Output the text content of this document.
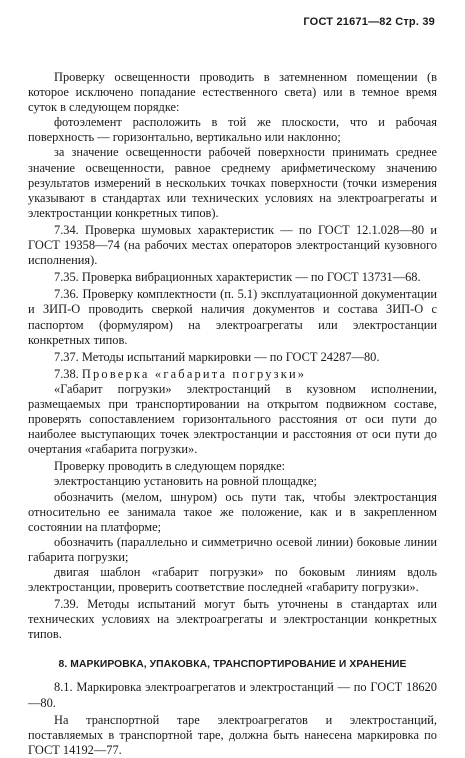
ГОСТ 21671—82 Стр. 39

Проверку освещенности проводить в затемненном помещении (в которое исключено попадание естественного света) или в темное время суток в следующем порядке:

фотоэлемент расположить в той же плоскости, что и рабочая поверхность — горизонтально, вертикально или наклонно;

за значение освещенности рабочей поверхности принимать среднее значение освещенности, равное среднему арифметическому значению результатов измерений в нескольких точках поверхности (точки измерения указывают в стандартах или технических условиях на электроагрегаты и электростанции конкретных типов).

7.34. Проверка шумовых характеристик — по ГОСТ 12.1.028—80 и ГОСТ 19358—74 (на рабочих местах операторов электростанций кузовного исполнения).

7.35. Проверка вибрационных характеристик — по ГОСТ 13731—68.

7.36. Проверку комплектности (п. 5.1) эксплуатационной документации и ЗИП-О проводить сверкой наличия документов и состава ЗИП-О с паспортом (формуляром) на электроагрегаты или электростанции конкретных типов.

7.37. Методы испытаний маркировки — по ГОСТ 24287—80.

7.38. Проверка «габарита погрузки»

«Габарит погрузки» электростанций в кузовном исполнении, размещаемых при транспортировании на открытом подвижном составе, проверять сопоставлением горизонтального расстояния от оси пути до наиболее выступающих точек электростанции и расстояния от оси пути до очертания «габарита погрузки».

Проверку проводить в следующем порядке:

электростанцию установить на ровной площадке;

обозначить (мелом, шнуром) ось пути так, чтобы электростанция относительно ее занимала такое же положение, как и в закрепленном состоянии на платформе;

обозначить (параллельно и симметрично осевой линии) боковые линии габарита погрузки;

двигая шаблон «габарит погрузки» по боковым линиям вдоль электростанции, проверить соответствие последней «габариту погрузки».

7.39. Методы испытаний могут быть уточнены в стандартах или технических условиях на электроагрегаты и электростанции конкретных типов.

8. МАРКИРОВКА, УПАКОВКА, ТРАНСПОРТИРОВАНИЕ И ХРАНЕНИЕ

8.1. Маркировка электроагрегатов и электростанций — по ГОСТ 18620—80.

На транспортной таре электроагрегатов и электростанций, поставляемых в транспортной таре, должна быть нанесена маркировка по ГОСТ 14192—77.
